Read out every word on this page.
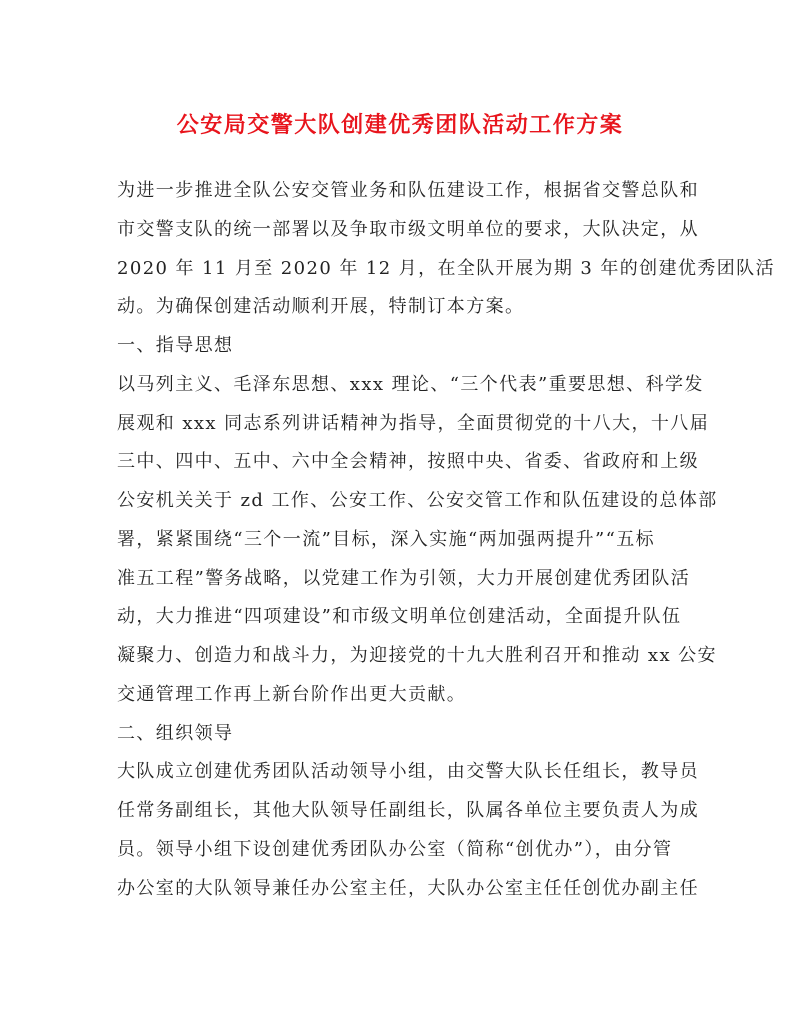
公安局交警大队创建优秀团队活动工作方案
为进一步推进全队公安交管业务和队伍建设工作，根据省交警总队和
市交警支队的统一部署以及争取市级文明单位的要求，大队决定，从
2020 年 11 月至 2020 年 12 月，在全队开展为期 3 年的创建优秀团队活
动。为确保创建活动顺利开展，特制订本方案。
一、指导思想
以马列主义、毛泽东思想、xxx 理论、“三个代表”重要思想、科学发
展观和 xxx 同志系列讲话精神为指导，全面贯彻党的十八大，十八届
三中、四中、五中、六中全会精神，按照中央、省委、省政府和上级
公安机关关于 zd 工作、公安工作、公安交管工作和队伍建设的总体部
署，紧紧围绕“三个一流”目标，深入实施“两加强两提升”“五标
准五工程”警务战略，以党建工作为引领，大力开展创建优秀团队活
动，大力推进“四项建设”和市级文明单位创建活动，全面提升队伍
凝聚力、创造力和战斗力，为迎接党的十九大胜利召开和推动 xx 公安
交通管理工作再上新台阶作出更大贡献。
二、组织领导
大队成立创建优秀团队活动领导小组，由交警大队长任组长，教导员
任常务副组长，其他大队领导任副组长，队属各单位主要负责人为成
员。领导小组下设创建优秀团队办公室（简称“创优办”），由分管
办公室的大队领导兼任办公室主任，大队办公室主任任创优办副主任
